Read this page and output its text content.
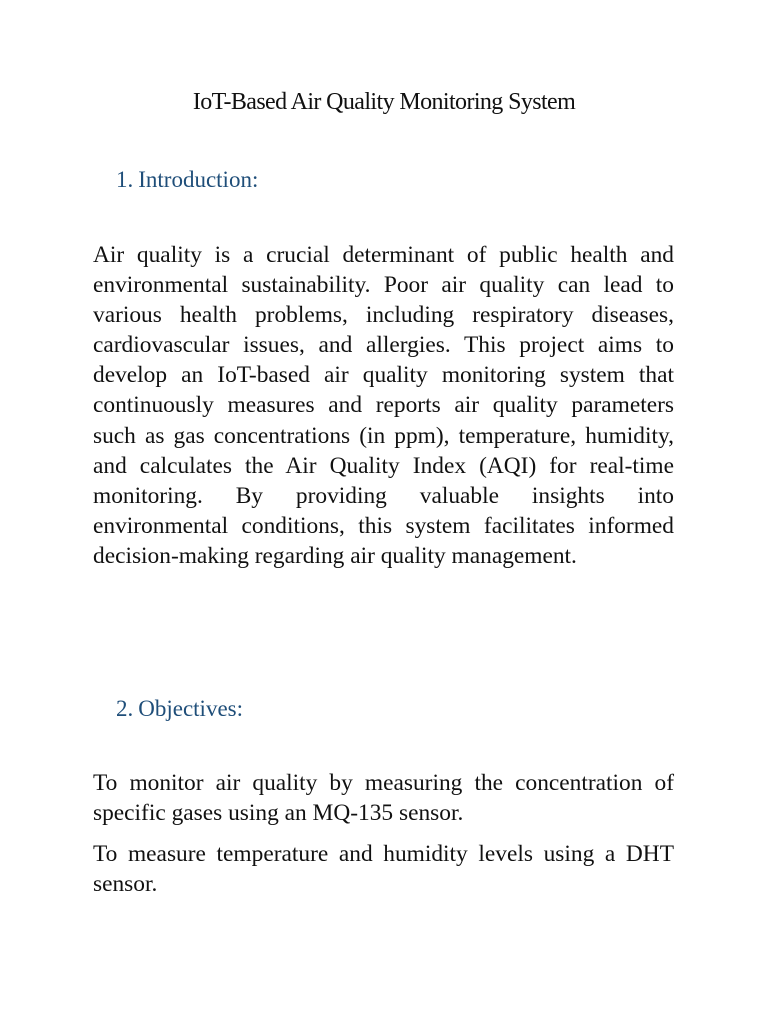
IoT-Based Air Quality Monitoring System
1. Introduction:

Air quality is a crucial determinant of public health and environmental sustainability. Poor air quality can lead to various health problems, including respiratory diseases, cardiovascular issues, and allergies. This project aims to develop an IoT-based air quality monitoring system that continuously measures and reports air quality parameters such as gas concentrations (in ppm), temperature, humidity, and calculates the Air Quality Index (AQI) for real-time monitoring. By providing valuable insights into environmental conditions, this system facilitates informed decision-making regarding air quality management.

2. Objectives:

To monitor air quality by measuring the concentration of specific gases using an MQ-135 sensor.

To measure temperature and humidity levels using a DHT sensor.
